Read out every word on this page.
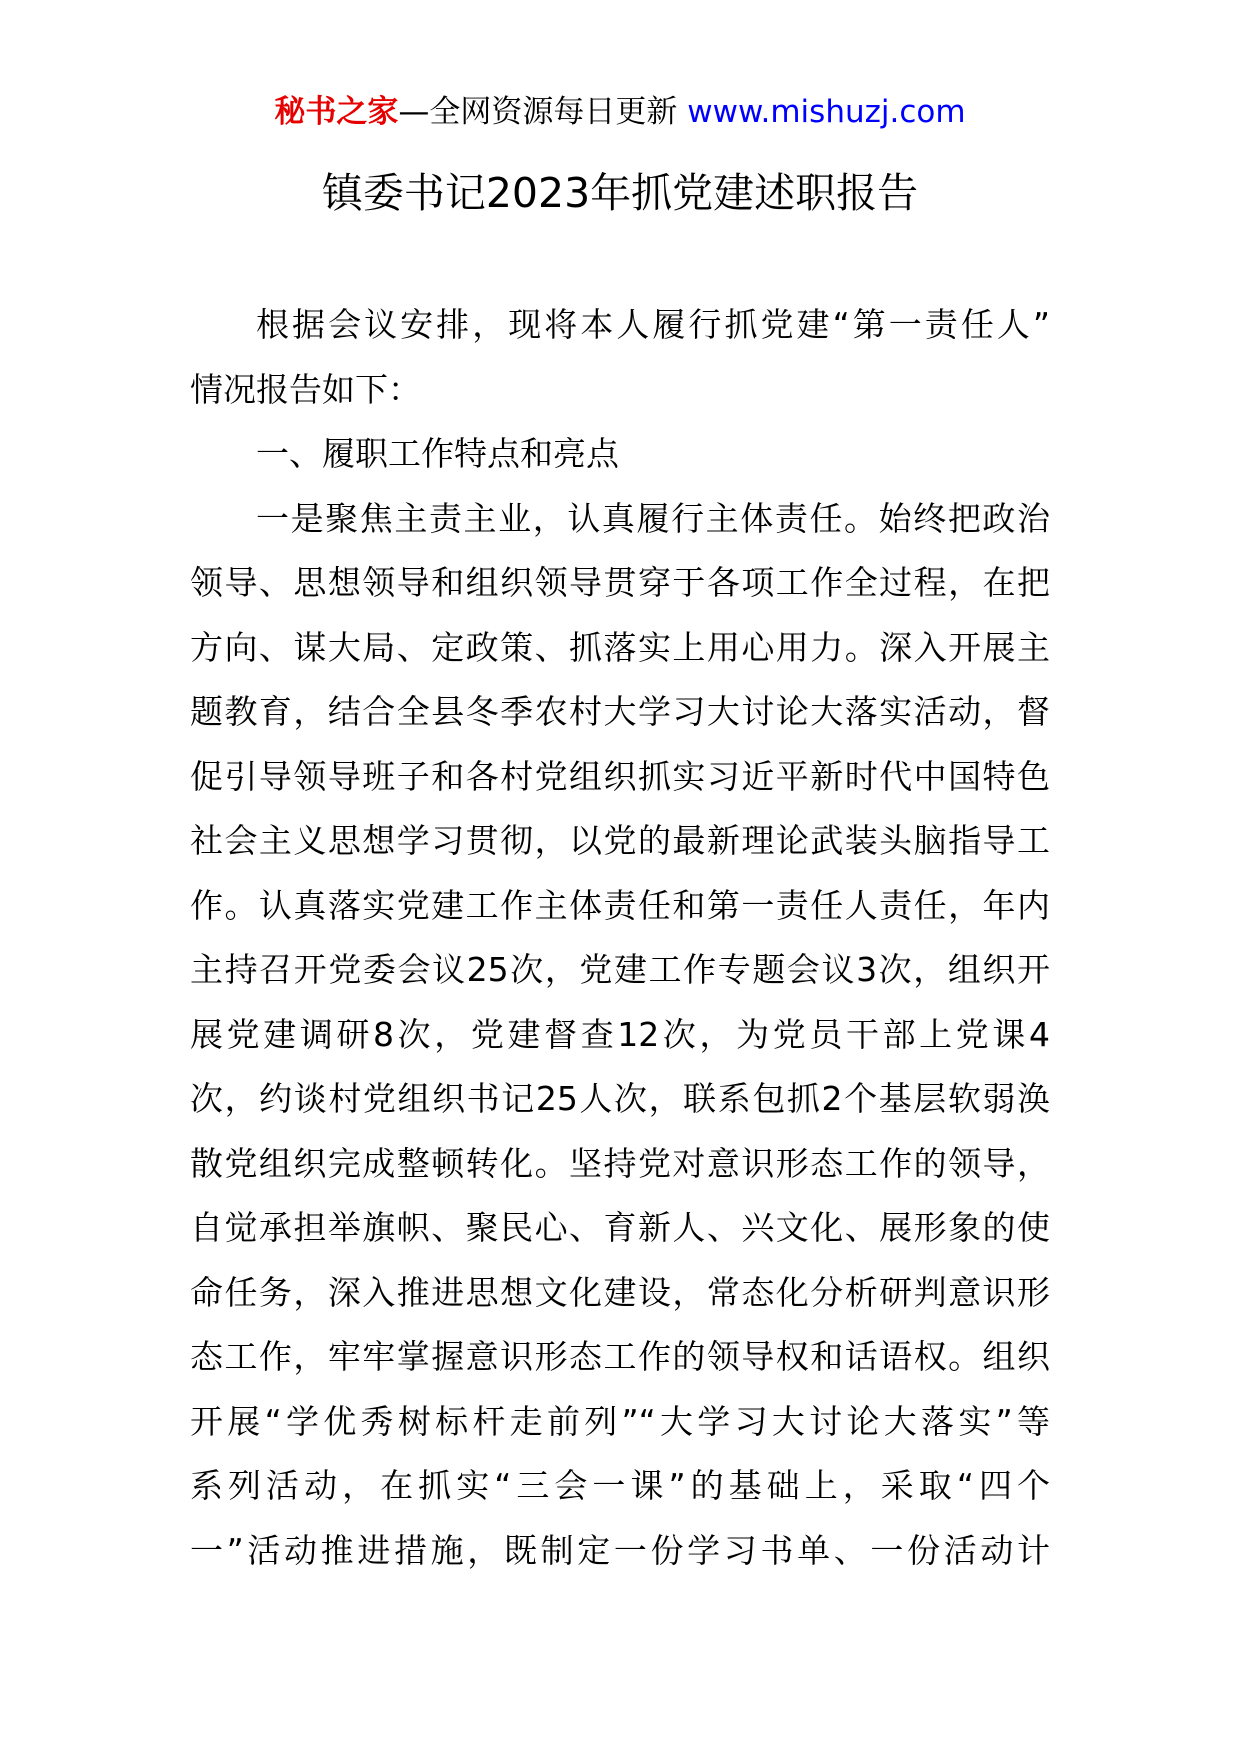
秘书之家—全网资源每日更新 www.mishuzj.com
镇委书记2023年抓党建述职报告
根据会议安排，现将本人履行抓党建“第一责任人”
情况报告如下：
一、履职工作特点和亮点
一是聚焦主责主业，认真履行主体责任。始终把政治
领导、思想领导和组织领导贯穿于各项工作全过程，在把
方向、谋大局、定政策、抓落实上用心用力。深入开展主
题教育，结合全县冬季农村大学习大讨论大落实活动，督
促引导领导班子和各村党组织抓实习近平新时代中国特色
社会主义思想学习贯彻，以党的最新理论武装头脑指导工
作。认真落实党建工作主体责任和第一责任人责任，年内
主持召开党委会议25次，党建工作专题会议3次，组织开
展党建调研8次，党建督查12次，为党员干部上党课4
次，约谈村党组织书记25人次，联系包抓2个基层软弱涣
散党组织完成整顿转化。坚持党对意识形态工作的领导，
自觉承担举旗帜、聚民心、育新人、兴文化、展形象的使
命任务，深入推进思想文化建设，常态化分析研判意识形
态工作，牢牢掌握意识形态工作的领导权和话语权。组织
开展“学优秀树标杆走前列”“大学习大讨论大落实”等
系列活动，在抓实“三会一课”的基础上，采取“四个
一”活动推进措施，既制定一份学习书单、一份活动计
